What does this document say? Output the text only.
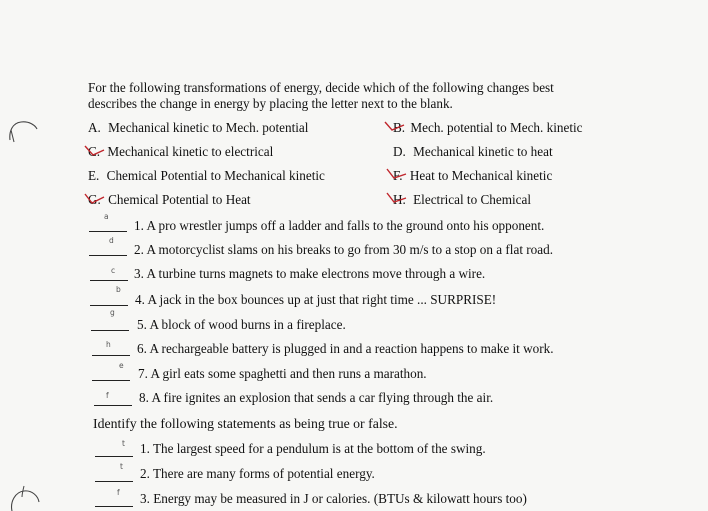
For the following transformations of energy, decide which of the following changes best
describes the change in energy by placing the letter next to the blank.
A. Mechanical kinetic to Mech. potential
C. Mechanical kinetic to electrical
E. Chemical Potential to Mechanical kinetic
G. Chemical Potential to Heat
B. Mech. potential to Mech. kinetic
D. Mechanical kinetic to heat
F. Heat to Mechanical kinetic
H. Electrical to Chemical
a
1. A pro wrestler jumps off a ladder and falls to the ground onto his opponent.
d
2. A motorcyclist slams on his breaks to go from 30 m/s to a stop on a flat road.
c 3. A turbine turns magnets to make electrons move through a wire.
b
4. A jack in the box bounces up at just that right time ... SURPRISE!
g
5. A block of wood burns in a fireplace.
h 6. A rechargeable battery is plugged in and a reaction happens to make it work.
e
7. A girl eats some spaghetti and then runs a marathon.
f 8. A fire ignites an explosion that sends a car flying through the air.
Identify the following statements as being true or false.
t 1. The largest speed for a pendulum is at the bottom of the swing.
t 2. There are many forms of potential energy.
f 3. Energy may be measured in J or calories. (BTUs & kilowatt hours too)
